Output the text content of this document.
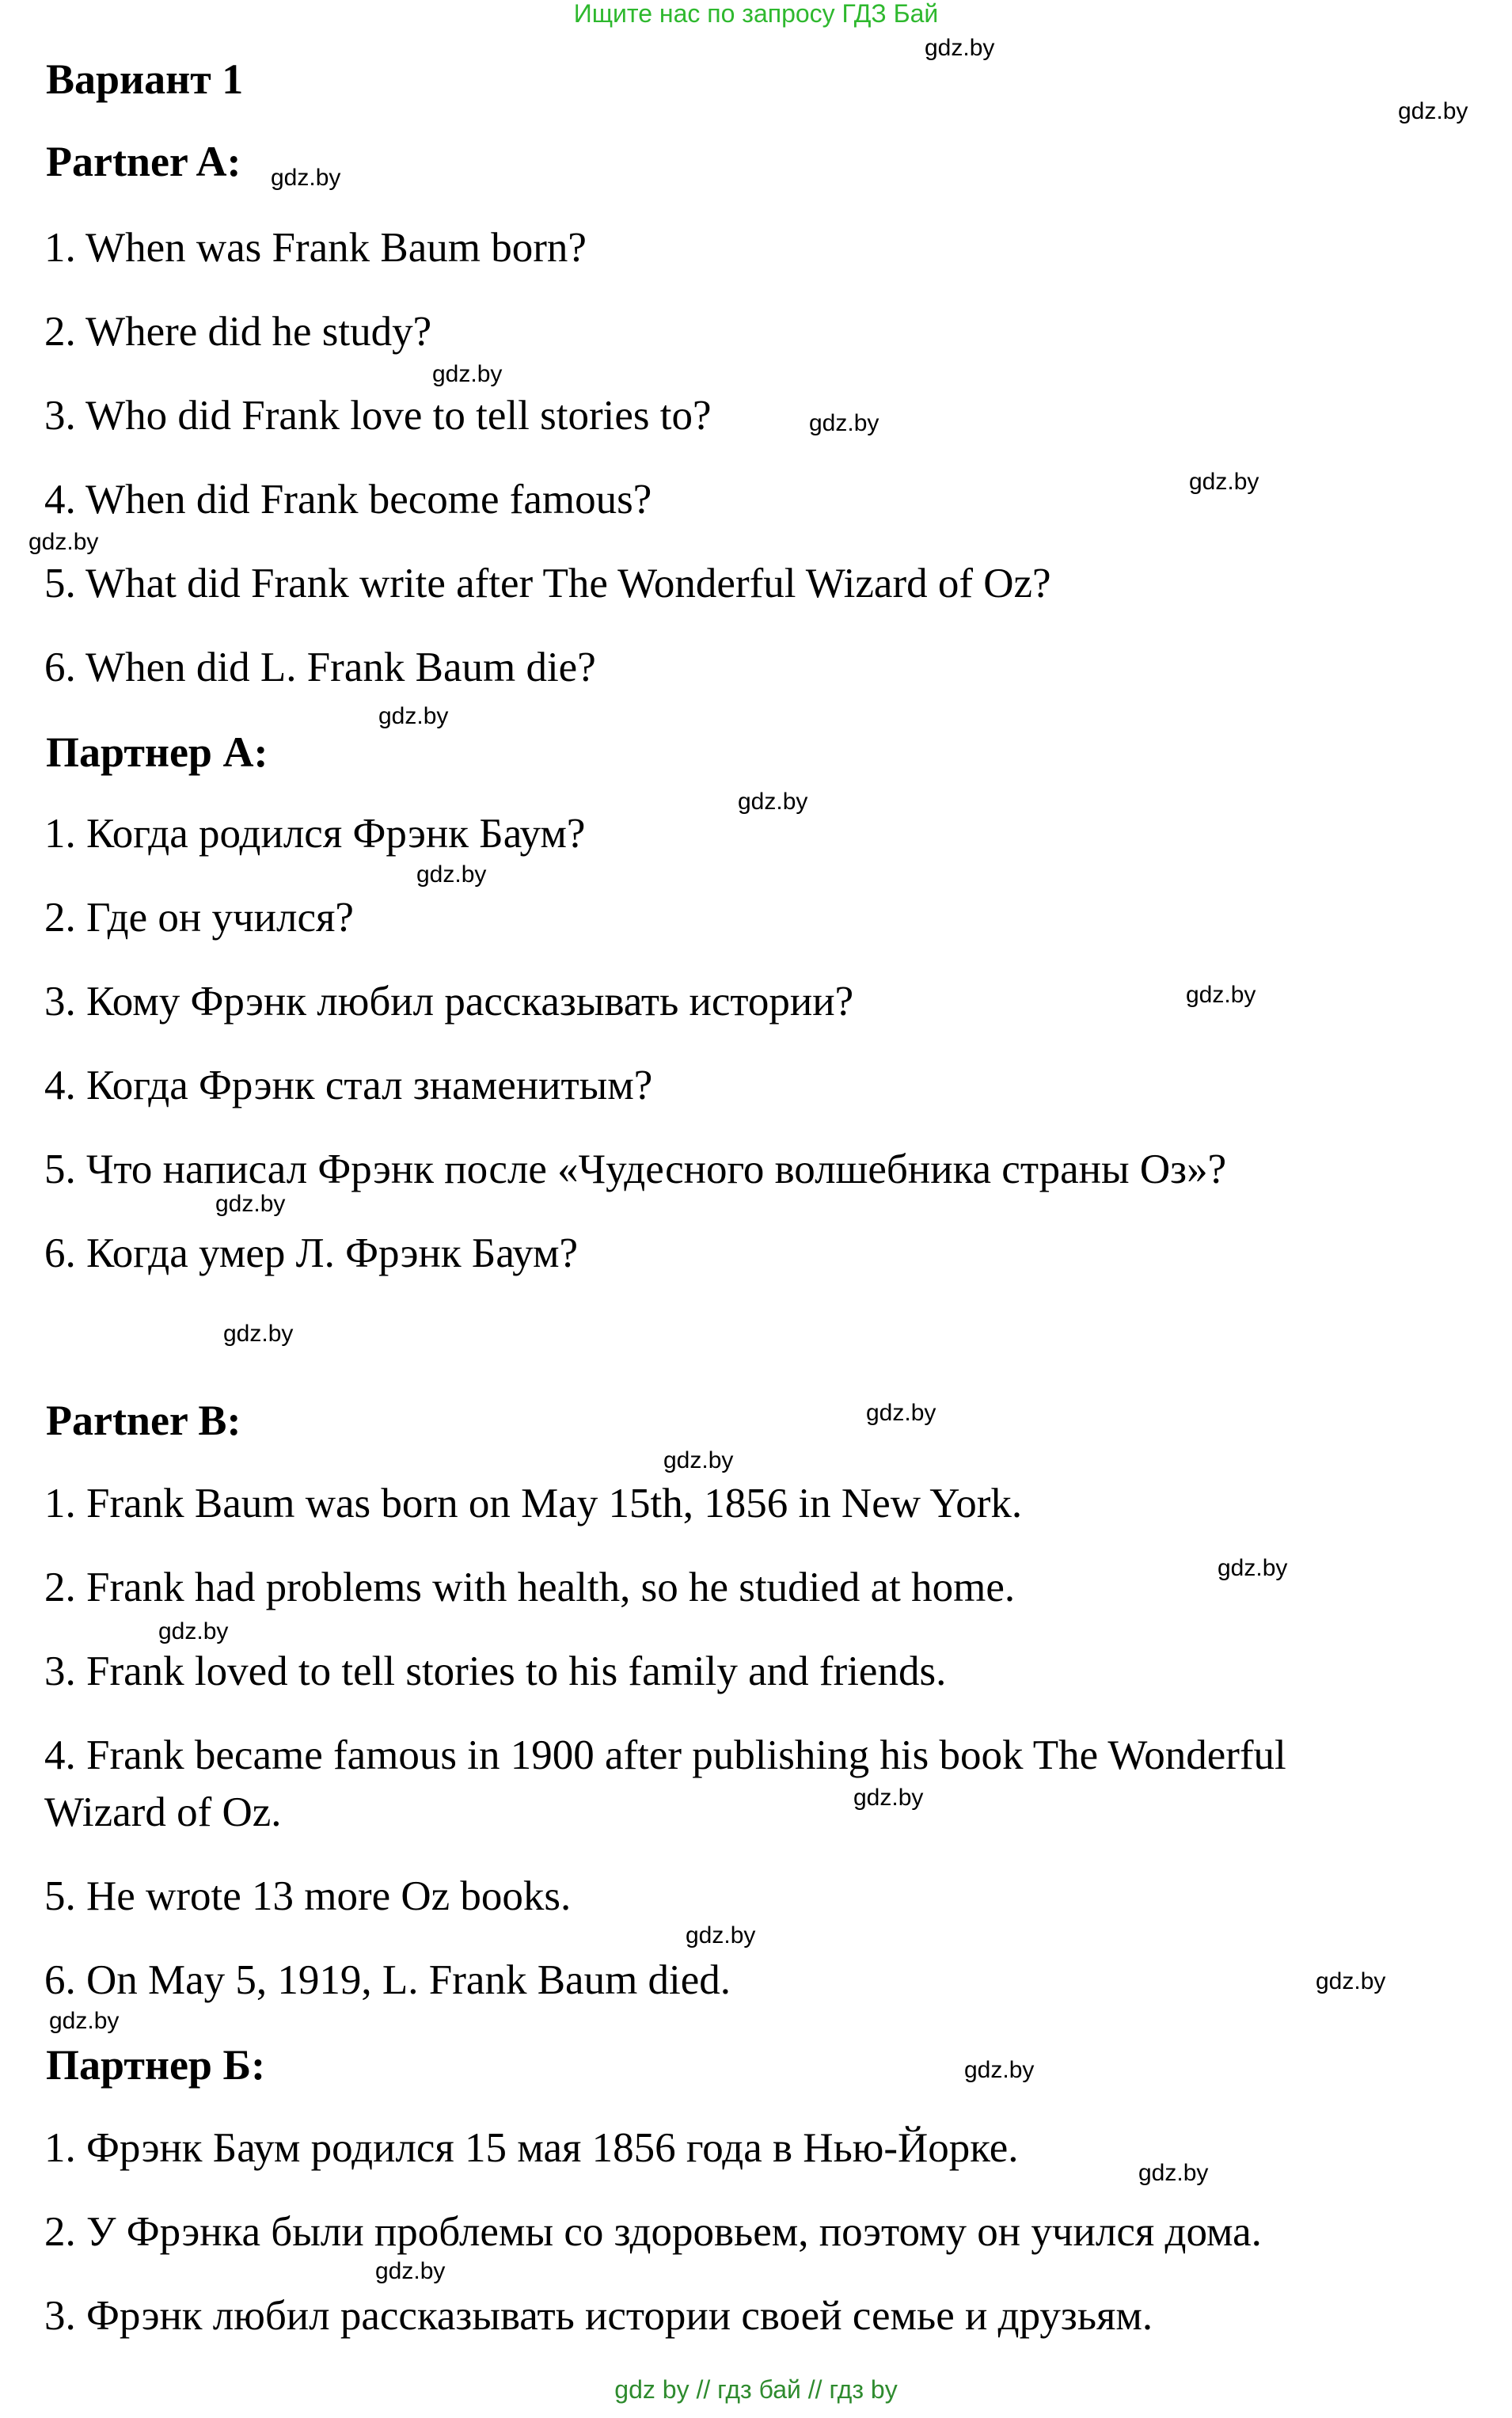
Ищите нас по запросу ГДЗ Бай
Вариант 1
Partner A:
1. When was Frank Baum born?
2. Where did he study?
3. Who did Frank love to tell stories to?
4. When did Frank become famous?
5. What did Frank write after The Wonderful Wizard of Oz?
6. When did L. Frank Baum die?
Партнер А:
1. Когда родился Фрэнк Баум?
2. Где он учился?
3. Кому Фрэнк любил рассказывать истории?
4. Когда Фрэнк стал знаменитым?
5. Что написал Фрэнк после «Чудесного волшебника страны Оз»?
6. Когда умер Л. Фрэнк Баум?
Partner B:
1. Frank Baum was born on May 15th, 1856 in New York.
2. Frank had problems with health, so he studied at home.
3. Frank loved to tell stories to his family and friends.
4. Frank became famous in 1900 after publishing his book The Wonderful
Wizard of Oz.
5. He wrote 13 more Oz books.
6. On May 5, 1919, L. Frank Baum died.
Партнер Б:
1. Фрэнк Баум родился 15 мая 1856 года в Нью-Йорке.
2. У Фрэнка были проблемы со здоровьем, поэтому он учился дома.
3. Фрэнк любил рассказывать истории своей семье и друзьям.
gdz.by
gdz.by
gdz.by
gdz.by
gdz.by
gdz.by
gdz.by
gdz.by
gdz.by
gdz.by
gdz.by
gdz.by
gdz.by
gdz.by
gdz.by
gdz.by
gdz.by
gdz.by
gdz.by
gdz.by
gdz.by
gdz.by
gdz.by
gdz.by
gdz by // гдз бай // гдз by
